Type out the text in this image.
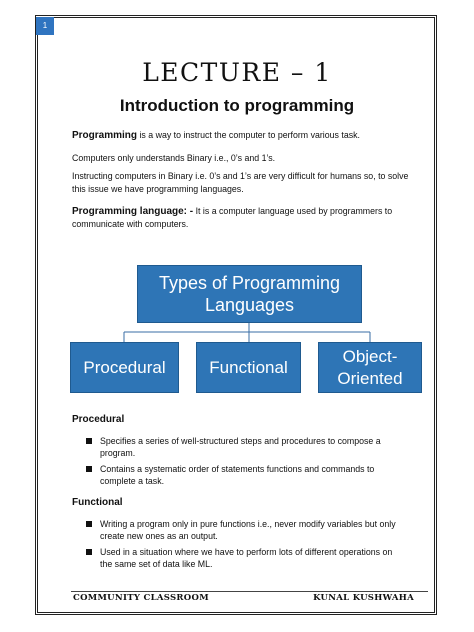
1
LECTURE – 1
Introduction to programming
Programming is a way to instruct the computer to perform various task.
Computers only understands Binary i.e., 0’s and 1’s.
Instructing computers in Binary i.e. 0’s and 1’s are very difficult for humans so, to solve this issue we have programming languages.
Programming language: - It is a computer language used by programmers to communicate with computers.
Types of Programming Languages
Procedural	Functional
Object-Oriented
Procedural
Specifies a series of well-structured steps and procedures to compose a program.
Contains a systematic order of statements functions and commands to complete a task.
Functional
Writing a program only in pure functions i.e., never modify variables but only create new ones as an output.
Used in a situation where we have to perform lots of different operations on the same set of data like ML.
COMMUNITY CLASSROOM	KUNAL KUSHWAHA
